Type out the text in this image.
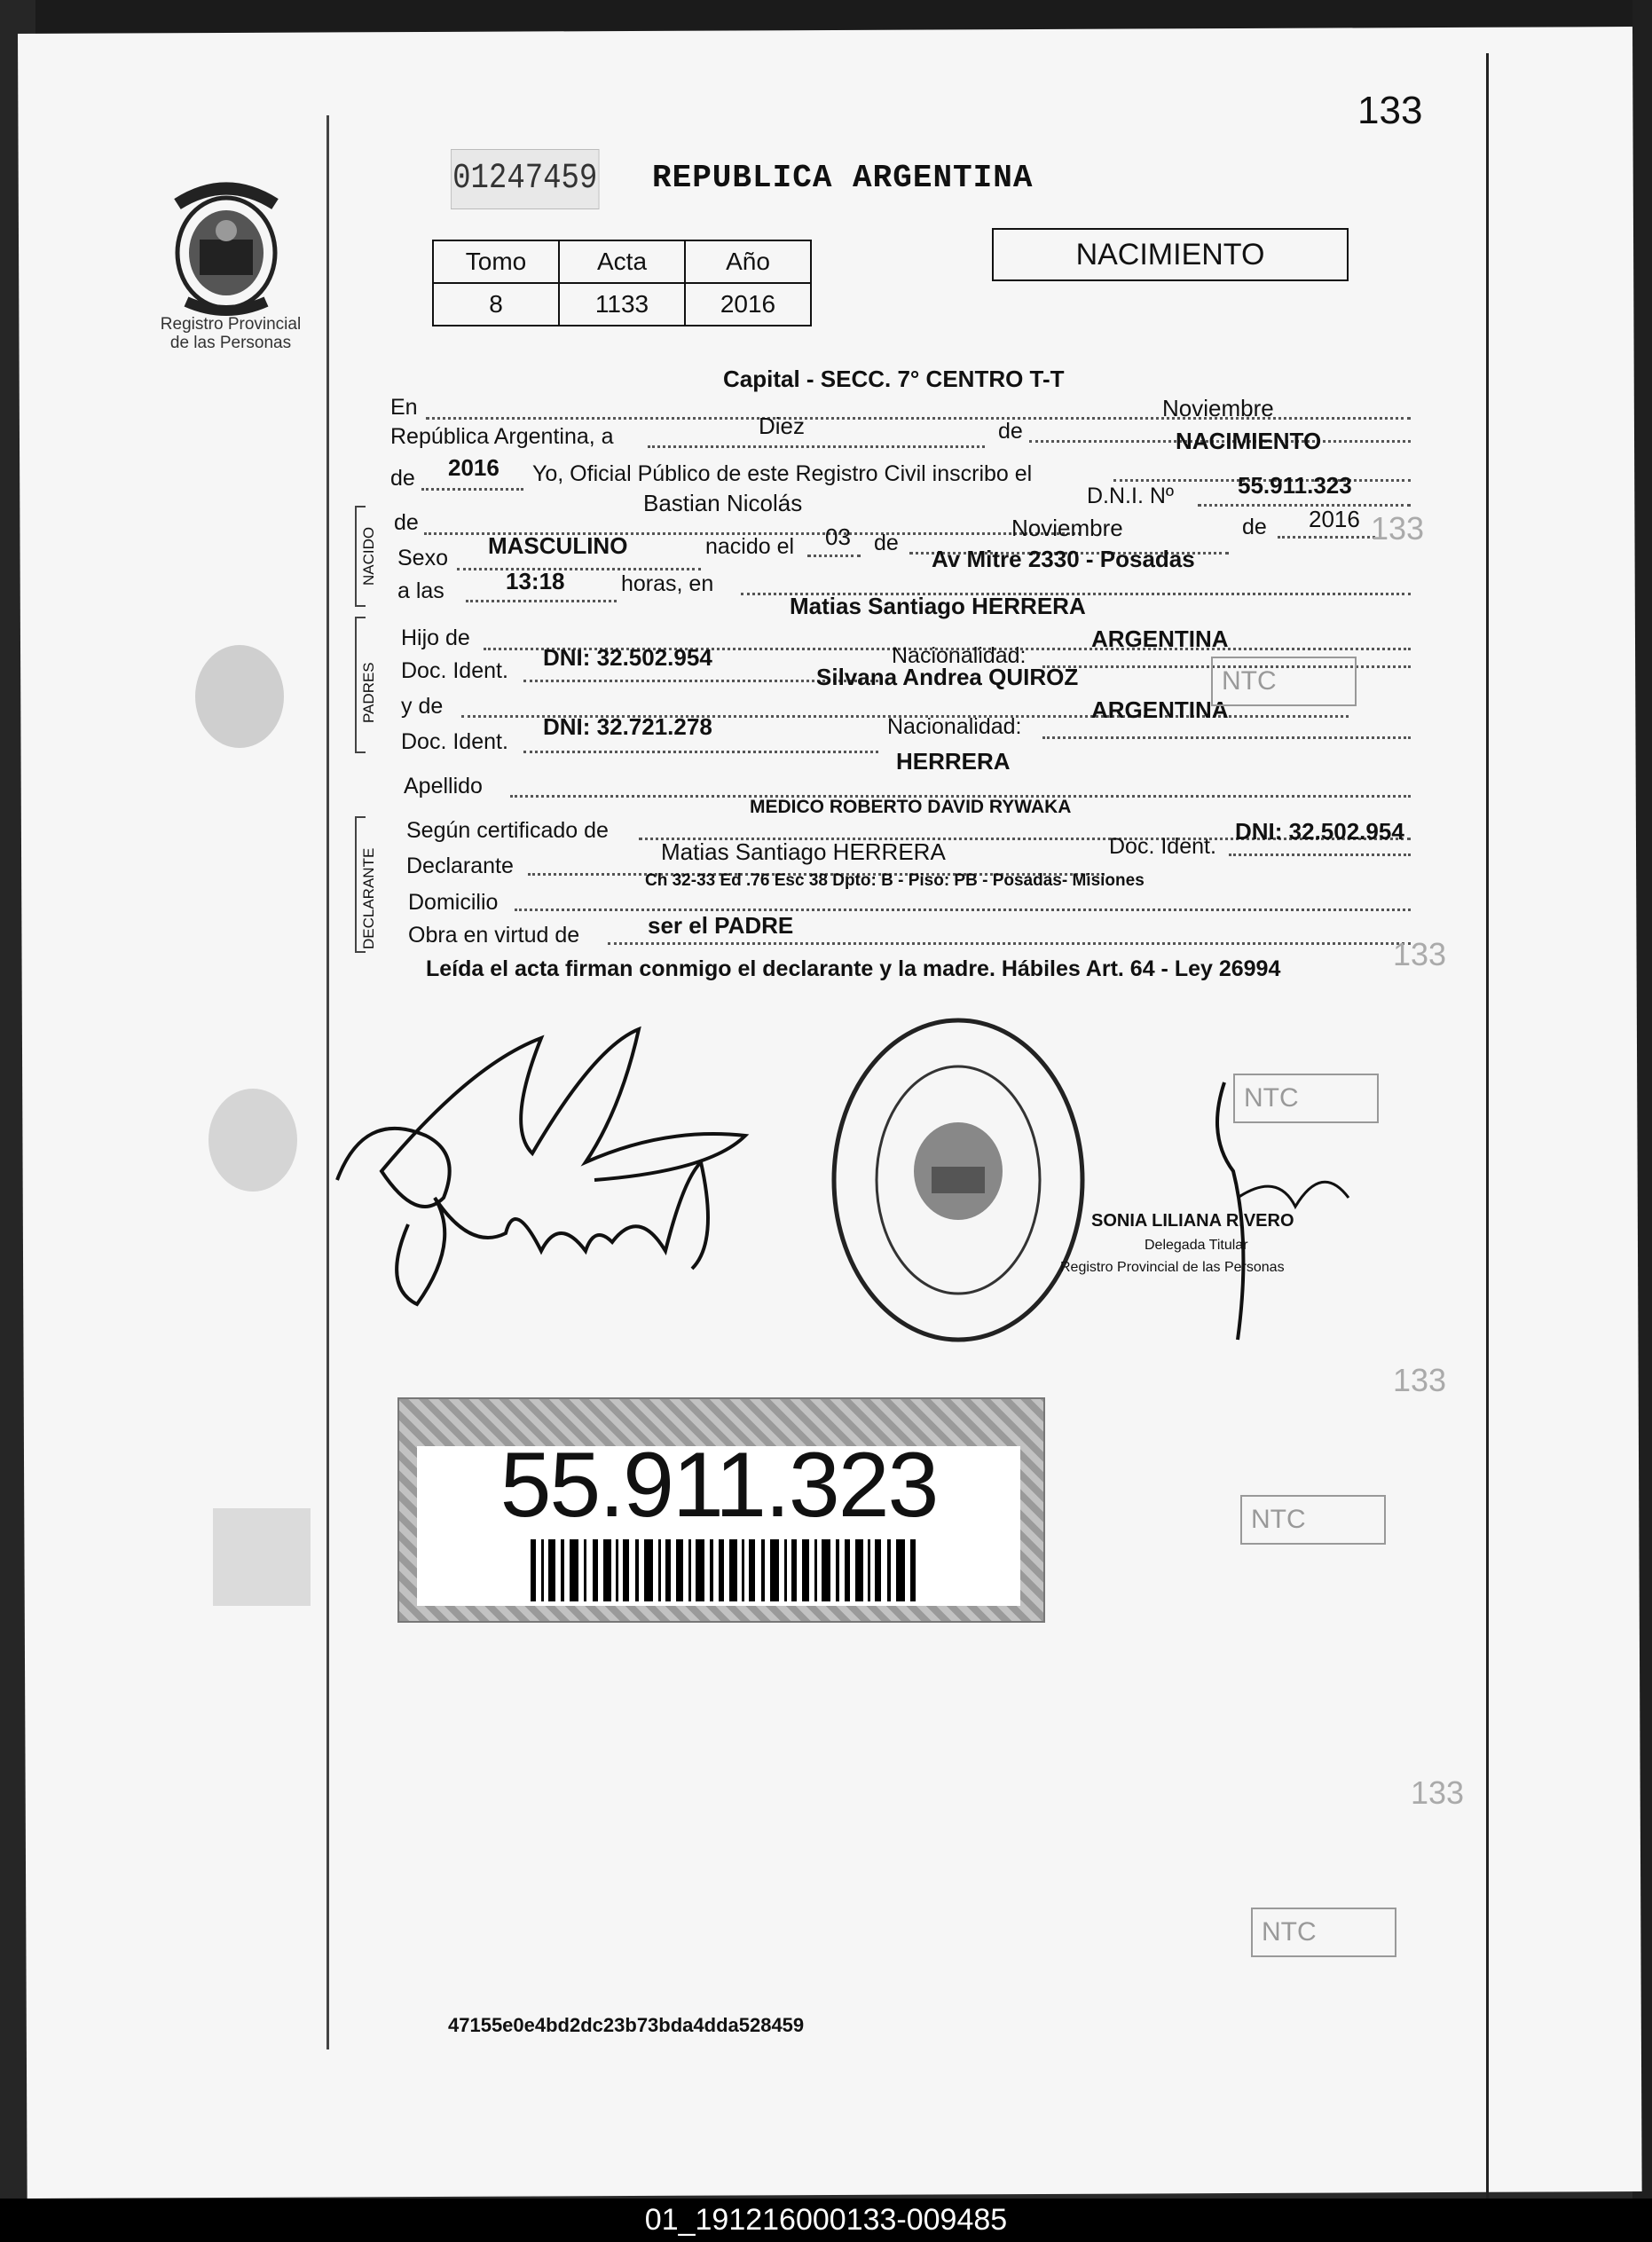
133
Registro Provincial
de las Personas
01247459 REPUBLICA ARGENTINA
Tomo	Acta	Año
8	1133	2016
NACIMIENTO
En
Capital - SECC. 7° CENTRO T-T
República Argentina, a	Diez	de
Noviembre
de 2016 Yo, Oficial Público de este Registro Civil inscribo el
NACIMIENTO
NACIDO
de
Bastian Nicolás	D.N.I. Nº	55.911.323
Sexo MASCULINO	nacido el 03 de
Noviembre	de 2016
a las	13:18	horas, en
Av Mitre 2330 - Posadas
PADRES
Hijo de
Matias Santiago HERRERA
Doc. Ident. DNI: 32.502.954	Nacionalidad:
ARGENTINA
y de
Silvana Andrea QUIROZ
Doc. Ident.
DNI: 32.721.278	Nacionalidad:
ARGENTINA
Apellido
HERRERA
DECLARANTE
Según certificado de
MEDICO ROBERTO DAVID RYWAKA
Declarante
Matias Santiago HERRERA	Doc. Ident.
DNI: 32.502.954
Domicilio
Ch 32-33 Ed .76 Esc 38 Dpto: B - Piso: PB - Posadas- Misiones
Obra en virtud de	ser el PADRE
Leída el acta firman conmigo el declarante y la madre. Hábiles Art. 64 - Ley 26994
SONIA LILIANA RIVERO
Delegada Titular
Registro Provincial de las Personas
55.911.323
47155e0e4bd2dc23b73bda4dda528459
133
NTC
133
NTC
133
NTC
133
NTC
01_191216000133-009485
